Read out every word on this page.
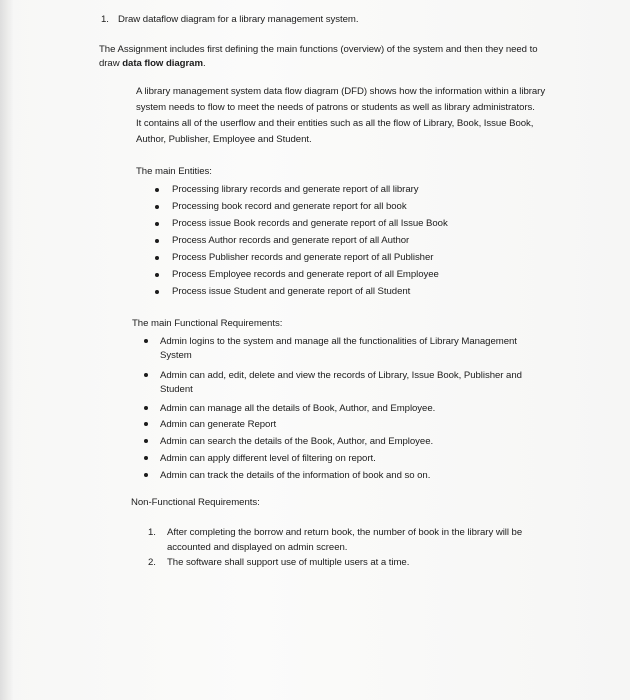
1. Draw dataflow diagram for a library management system.
The Assignment includes first defining the main functions (overview) of the system and then they need to
draw data flow diagram.
A library management system data flow diagram (DFD) shows how the information within a library
system needs to flow to meet the needs of patrons or students as well as library administrators.
It contains all of the userflow and their entities such as all the flow of Library, Book, Issue Book,
Author, Publisher, Employee and Student.
The main Entities:
Processing library records and generate report of all library
Processing book record and generate report for all book
Process issue Book records and generate report of all Issue Book
Process Author records and generate report of all Author
Process Publisher records and generate report of all Publisher
Process Employee records and generate report of all Employee
Process issue Student and generate report of all Student
The main Functional Requirements:
Admin logins to the system and manage all the functionalities of Library Management
System
Admin can add, edit, delete and view the records of Library, Issue Book, Publisher and
Student
Admin can manage all the details of Book, Author, and Employee.
Admin can generate Report
Admin can search the details of the Book, Author, and Employee.
Admin can apply different level of filtering on report.
Admin can track the details of the information of book and so on.
Non-Functional Requirements:
1. After completing the borrow and return book, the number of book in the library will be
accounted and displayed on admin screen.
2. The software shall support use of multiple users at a time.
